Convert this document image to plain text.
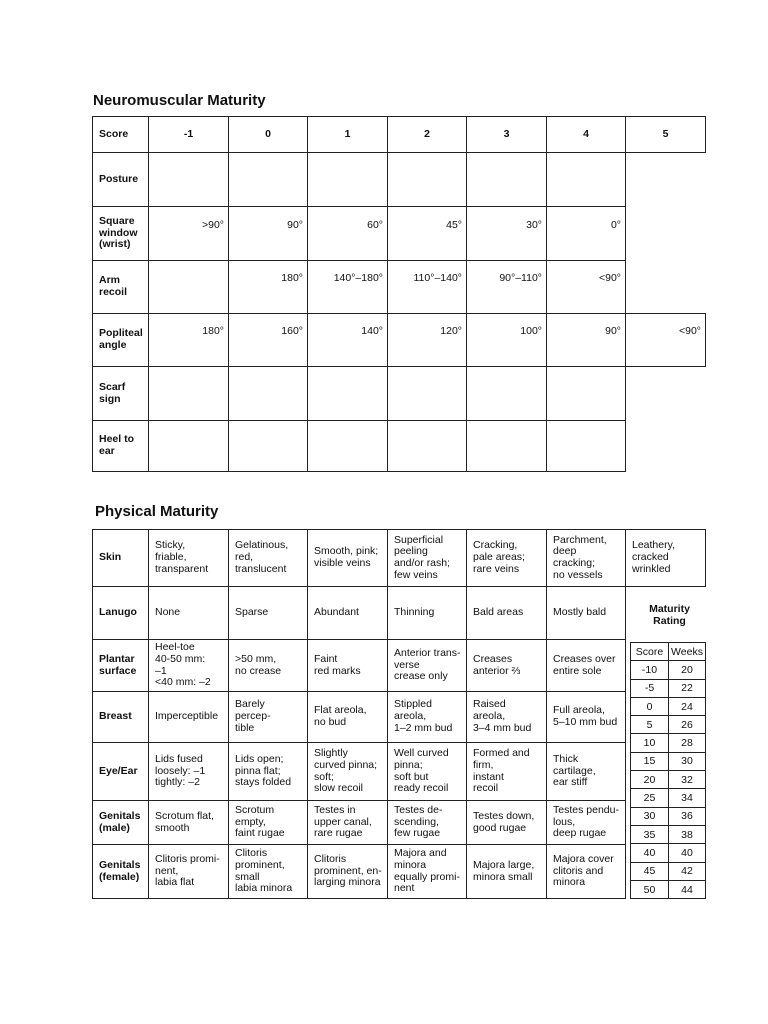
Neuromuscular Maturity
Score	-1	0	1	2	3	4	5
Posture		

Square window (wrist)	>90°	90°	60°	45°	30°	0°	

Arm recoil		180°	140°–180°	110°–140°	90°–110°	<90°	

Popliteal angle	180°	160°	140°	120°	100°	90°	<90°

Scarf sign	

Heel to ear	

Physical Maturity
Skin	Sticky,
friable,
transparent	Gelatinous,
red,
translucent	Smooth, pink;
visible veins	Superficial
peeling
and/or rash;
few veins	Cracking,
pale areas;
rare veins	Parchment,
deep
cracking;
no vessels	Leathery,
cracked
wrinkled
Lanugo	None	Sparse	Abundant	Thinning	Bald areas	Mostly bald	
Plantar
surface	Heel-toe
40-50 mm:
–1
<40 mm: –2	>50 mm,
no crease	Faint
red marks	Anterior trans-
verse
crease only	Creases
anterior ⅔	Creases over
entire sole	
Breast	Imperceptible	Barely percep-
tible	Flat areola,
no bud	Stippled
areola,
1–2 mm bud	Raised
areola,
3–4 mm bud	Full areola,
5–10 mm bud	
Eye/Ear	Lids fused
loosely: –1
tightly: –2	Lids open;
pinna flat;
stays folded	Slightly
curved pinna;
soft;
slow recoil	Well curved
pinna;
soft but
ready recoil	Formed and
firm,
instant
recoil	Thick
cartilage,
ear stiff	
Genitals
(male)	Scrotum flat,
smooth	Scrotum
empty,
faint rugae	Testes in
upper canal,
rare rugae	Testes de-
scending,
few rugae	Testes down,
good rugae	Testes pendu-
lous,
deep rugae	
Genitals
(female)	Clitoris promi-
nent,
labia flat	Clitoris
prominent,
small
labia minora	Clitoris
prominent, en-
larging minora	Majora and
minora
equally promi-
nent	Majora large,
minora small	Majora cover
clitoris and
minora	
Maturity
Rating
Score	Weeks
-10	20
-5	22
0	24
5	26
10	28
15	30
20	32
25	34
30	36
35	38
40	40
45	42
50	44
